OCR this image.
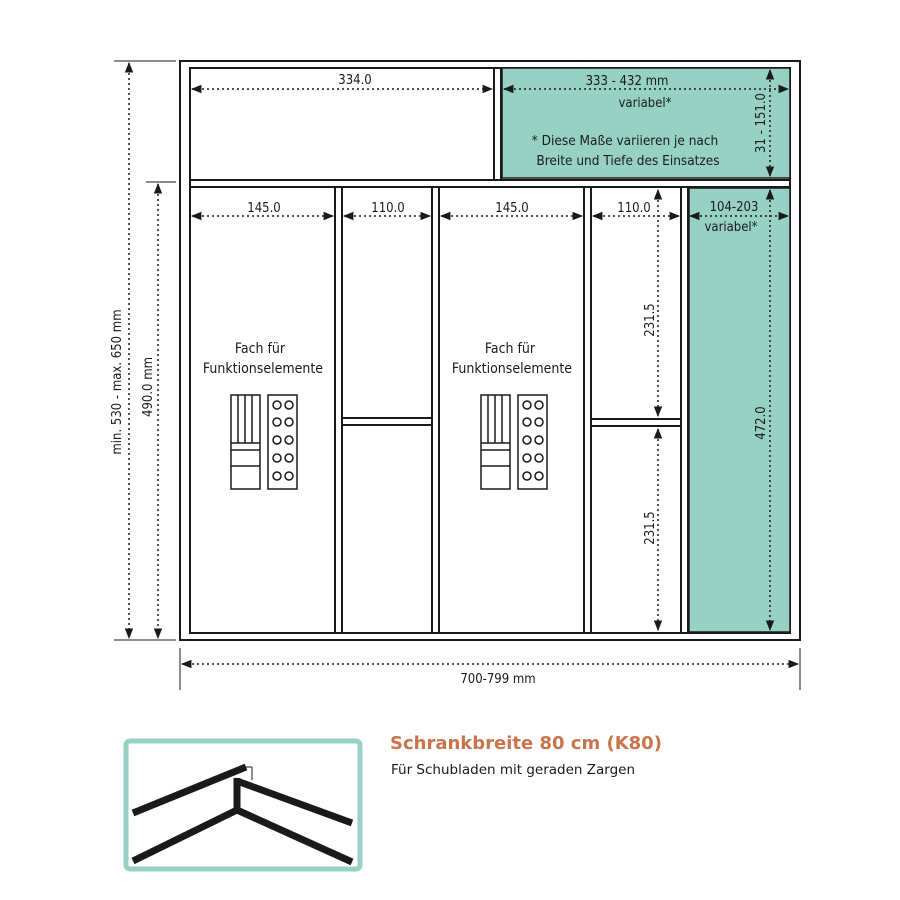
334.0	333 - 432 mm
variabel*	31 - 151.0
* Diese Maße variieren je nach
Breite und Tiefe des Einsatzes
145.0	110.0	145.0	110.0	104-203
variabel*
Fach für
Funktionselemente
Fach für
Funktionselemente
231.5
231.5
472.0
min. 530 - max. 650 mm 490.0 mm
700-799 mm
Schrankbreite 80 cm (K80)
Für Schubladen mit geraden Zargen
